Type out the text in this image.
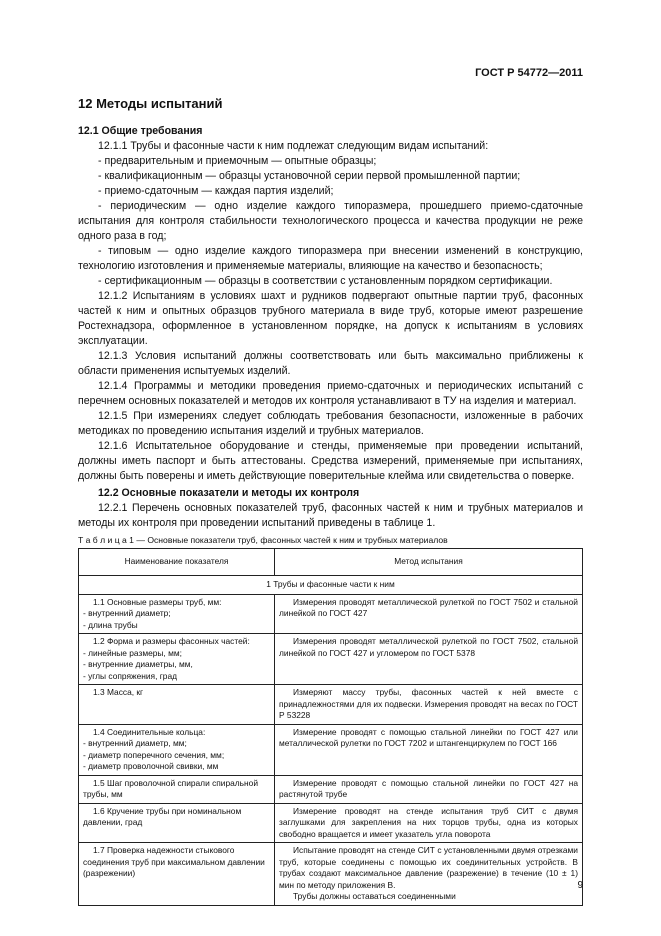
ГОСТ Р 54772—2011
12 Методы испытаний

12.1 Общие требования

12.1.1 Трубы и фасонные части к ним подлежат следующим видам испытаний:

- предварительным и приемочным — опытные образцы;

- квалификационным — образцы установочной серии первой промышленной партии;

- приемо-сдаточным — каждая партия изделий;

- периодическим — одно изделие каждого типоразмера, прошедшего приемо-сдаточные испытания для контроля стабильности технологического процесса и качества продукции не реже одного раза в год;

- типовым — одно изделие каждого типоразмера при внесении изменений в конструкцию, технологию изготовления и применяемые материалы, влияющие на качество и безопасность;

- сертификационным — образцы в соответствии с установленным порядком сертификации.

12.1.2 Испытаниям в условиях шахт и рудников подвергают опытные партии труб, фасонных частей к ним и опытных образцов трубного материала в виде труб, которые имеют разрешение Ростехнадзора, оформленное в установленном порядке, на допуск к испытаниям в условиях эксплуатации.

12.1.3 Условия испытаний должны соответствовать или быть максимально приближены к области применения испытуемых изделий.

12.1.4 Программы и методики проведения приемо-сдаточных и периодических испытаний с перечнем основных показателей и методов их контроля устанавливают в ТУ на изделия и материал.

12.1.5 При измерениях следует соблюдать требования безопасности, изложенные в рабочих методиках по проведению испытания изделий и трубных материалов.

12.1.6 Испытательное оборудование и стенды, применяемые при проведении испытаний, должны иметь паспорт и быть аттестованы. Средства измерений, применяемые при испытаниях, должны быть поверены и иметь действующие поверительные клейма или свидетельства о поверке.

12.2 Основные показатели и методы их контроля

12.2.1 Перечень основных показателей труб, фасонных частей к ним и трубных материалов и методы их контроля при проведении испытаний приведены в таблице 1.

Т а б л и ц а 1 — Основные показатели труб, фасонных частей к ним и трубных материалов

Наименование показателя	Метод испытания
1 Трубы и фасонные части к ним	

1.1 Основные размеры труб, мм:
- внутренний диаметр;
- длина трубы	Измерения проводят металлической рулеткой по ГОСТ 7502 и стальной линейкой по ГОСТ 427

1.2 Форма и размеры фасонных частей:
- линейные размеры, мм;
- внутренние диаметры, мм,
- углы сопряжения, град	Измерения проводят металлической рулеткой по ГОСТ 7502, стальной линейкой по ГОСТ 427 и угломером по ГОСТ 5378

1.3 Масса, кг	Измеряют массу трубы, фасонных частей к ней вместе с принадлежностями для их подвески. Измерения проводят на весах по ГОСТ Р 53228

1.4 Соединительные кольца:
- внутренний диаметр, мм;
- диаметр поперечного сечения, мм;
- диаметр проволочной свивки, мм	Измерение проводят с помощью стальной линейки по ГОСТ 427 или металлической рулетки по ГОСТ 7202 и штангенциркулем по ГОСТ 166

1.5 Шаг проволочной спирали спиральной трубы, мм	Измерение проводят с помощью стальной линейки по ГОСТ 427 на растянутой трубе

1.6 Кручение трубы при номинальном давлении, град	Измерение проводят на стенде испытания труб СИТ с двумя заглушками для закрепления на них торцов трубы, одна из которых свободно вращается и имеет указатель угла поворота

1.7 Проверка надежности стыкового соединения труб при максимальном давлении (разрежении)	Испытание проводят на стенде СИТ с установленными двумя отрезками труб, которые соединены с помощью их соединительных устройств. В трубах создают максимальное давление (разрежение) в течение (10 ± 1) мин по методу приложения В.
Трубы должны оставаться соединенными
9
